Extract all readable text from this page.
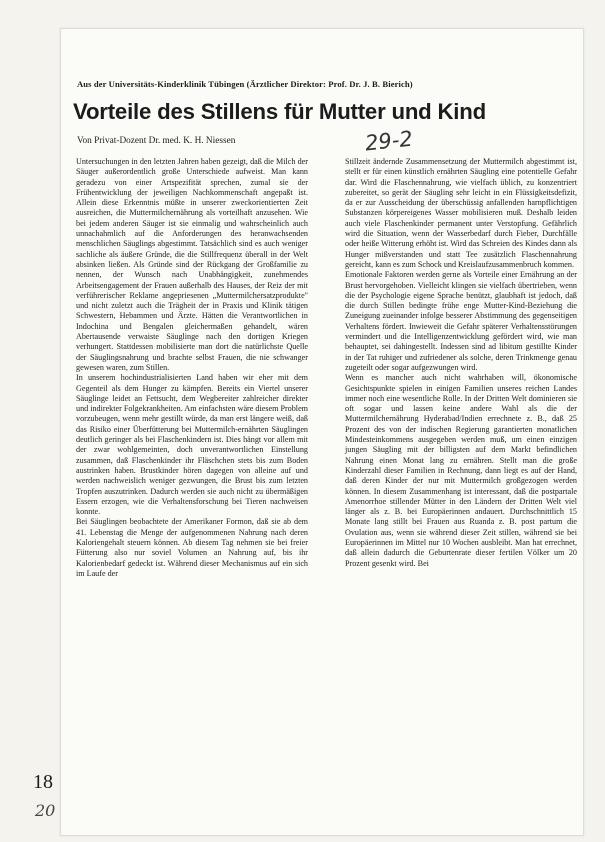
Aus der Universitäts-Kinderklinik Tübingen (Ärztlicher Direktor: Prof. Dr. J. B. Bierich)
Vorteile des Stillens für Mutter und Kind
Von Privat-Dozent Dr. med. K. H. Niessen	29-2

Untersuchungen in den letzten Jahren haben gezeigt, daß die Milch der Säuger außerordentlich große Unterschiede aufweist. Man kann geradezu von einer Artspezifität sprechen, zumal sie der Frühentwicklung der jeweiligen Nachkommenschaft angepaßt ist. Allein diese Erkenntnis müßte in unserer zweckorientierten Zeit ausreichen, die Muttermilchernährung als vorteilhaft anzusehen. Wie bei jedem anderen Säuger ist sie einmalig und wahrscheinlich auch unnachahmlich auf die Anforderungen des heranwachsenden menschlichen Säuglings abgestimmt. Tatsächlich sind es auch weniger sachliche als äußere Gründe, die die Stillfrequenz überall in der Welt absinken ließen. Als Gründe sind der Rückgang der Großfamilie zu nennen, der Wunsch nach Unabhängigkeit, zunehmendes Arbeitsengagement der Frauen außerhalb des Hauses, der Reiz der mit verführerischer Reklame angepriesenen „Muttermilchersatzprodukte" und nicht zuletzt auch die Trägheit der in Praxis und Klinik tätigen Schwestern, Hebammen und Ärzte. Hätten die Verantwortlichen in Indochina und Bengalen gleichermaßen gehandelt, wären Abertausende verwaiste Säuglinge nach den dortigen Kriegen verhungert. Stattdessen mobilisierte man dort die natürlichste Quelle der Säuglingsnahrung und brachte selbst Frauen, die nie schwanger gewesen waren, zum Stillen.

In unserem hochindustrialisierten Land haben wir eher mit dem Gegenteil als dem Hunger zu kämpfen. Bereits ein Viertel unserer Säuglinge leidet an Fettsucht, dem Wegbereiter zahlreicher direkter und indirekter Folgekrankheiten. Am einfachsten wäre diesem Problem vorzubeugen, wenn mehr gestillt würde, da man erst längere weiß, daß das Risiko einer Überfütterung bei Muttermilch-ernährten Säuglingen deutlich geringer als bei Flaschenkindern ist. Dies hängt vor allem mit der zwar wohlgemeinten, doch unverantwortlichen Einstellung zusammen, daß Flaschenkinder ihr Fläschchen stets bis zum Boden austrinken haben. Brustkinder hören dagegen von alleine auf und werden nachweislich weniger gezwungen, die Brust bis zum letzten Tropfen auszutrinken. Dadurch werden sie auch nicht zu übermäßigen Essern erzogen, wie die Verhaltensforschung bei Tieren nachweisen konnte.

Bei Säuglingen beobachtete der Amerikaner Formon, daß sie ab dem 41. Lebenstag die Menge der aufgenommenen Nahrung nach deren Kaloriengehalt steuern können. Ab diesem Tag nehmen sie bei freier Fütterung also nur soviel Volumen an Nahrung auf, bis ihr Kalorienbedarf gedeckt ist. Während dieser Mechanismus auf ein sich im Laufe der

Stillzeit ändernde Zusammensetzung der Muttermilch abgestimmt ist, stellt er für einen künstlich ernährten Säugling eine potentielle Gefahr dar. Wird die Flaschennahrung, wie vielfach üblich, zu konzentriert zubereitet, so gerät der Säugling sehr leicht in ein Flüssigkeitsdefizit, da er zur Ausscheidung der überschüssig anfallenden harnpflichtigen Substanzen körpereigenes Wasser mobilisieren muß. Deshalb leiden auch viele Flaschenkinder permanent unter Verstopfung. Gefährlich wird die Situation, wenn der Wasserbedarf durch Fieber, Durchfälle oder heiße Witterung erhöht ist. Wird das Schreien des Kindes dann als Hunger mißverstanden und statt Tee zusätzlich Flaschennahrung gereicht, kann es zum Schock und Kreislaufzusammenbruch kommen.

Emotionale Faktoren werden gerne als Vorteile einer Ernährung an der Brust hervorgehoben. Vielleicht klingen sie vielfach übertrieben, wenn die der Psychologie eigene Sprache benützt, glaubhaft ist jedoch, daß die durch Stillen bedingte frühe enge Mutter-Kind-Beziehung die Zuneigung zueinander infolge besserer Abstimmung des gegenseitigen Verhaltens fördert. Inwieweit die Gefahr späterer Verhaltensstörungen vermindert und die Intelligenzentwicklung gefördert wird, wie man behauptet, sei dahingestellt. Indessen sind ad libitum gestillte Kinder in der Tat ruhiger und zufriedener als solche, deren Trinkmenge genau zugeteilt oder sogar aufgezwungen wird.

Wenn es mancher auch nicht wahrhaben will, ökonomische Gesichtspunkte spielen in einigen Familien unseres reichen Landes immer noch eine wesentliche Rolle. In der Dritten Welt dominieren sie oft sogar und lassen keine andere Wahl als die der Muttermilchernährung Hyderabad/Indien errechnete z. B., daß 25 Prozent des von der indischen Regierung garantierten monatlichen Mindesteinkommens ausgegeben werden muß, um einen einzigen jungen Säugling mit der billigsten auf dem Markt befindlichen Nahrung einen Monat lang zu ernähren. Stellt man die große Kinderzahl dieser Familien in Rechnung, dann liegt es auf der Hand, daß deren Kinder der nur mit Muttermilch großgezogen werden können. In diesem Zusammenhang ist interessant, daß die postpartale Amenorrhoe stillender Mütter in den Ländern der Dritten Welt viel länger als z. B. bei Europäerinnen andauert. Durchschnittlich 15 Monate lang stillt bei Frauen aus Ruanda z. B. post partum die Ovulation aus, wenn sie während dieser Zeit stillen, während sie bei Europäerinnen im Mittel nur 10 Wochen ausbleibt. Man hat errechnet, daß allein dadurch die Geburtenrate dieser fertilen Völker um 20 Prozent gesenkt wird. Bei

18
20
